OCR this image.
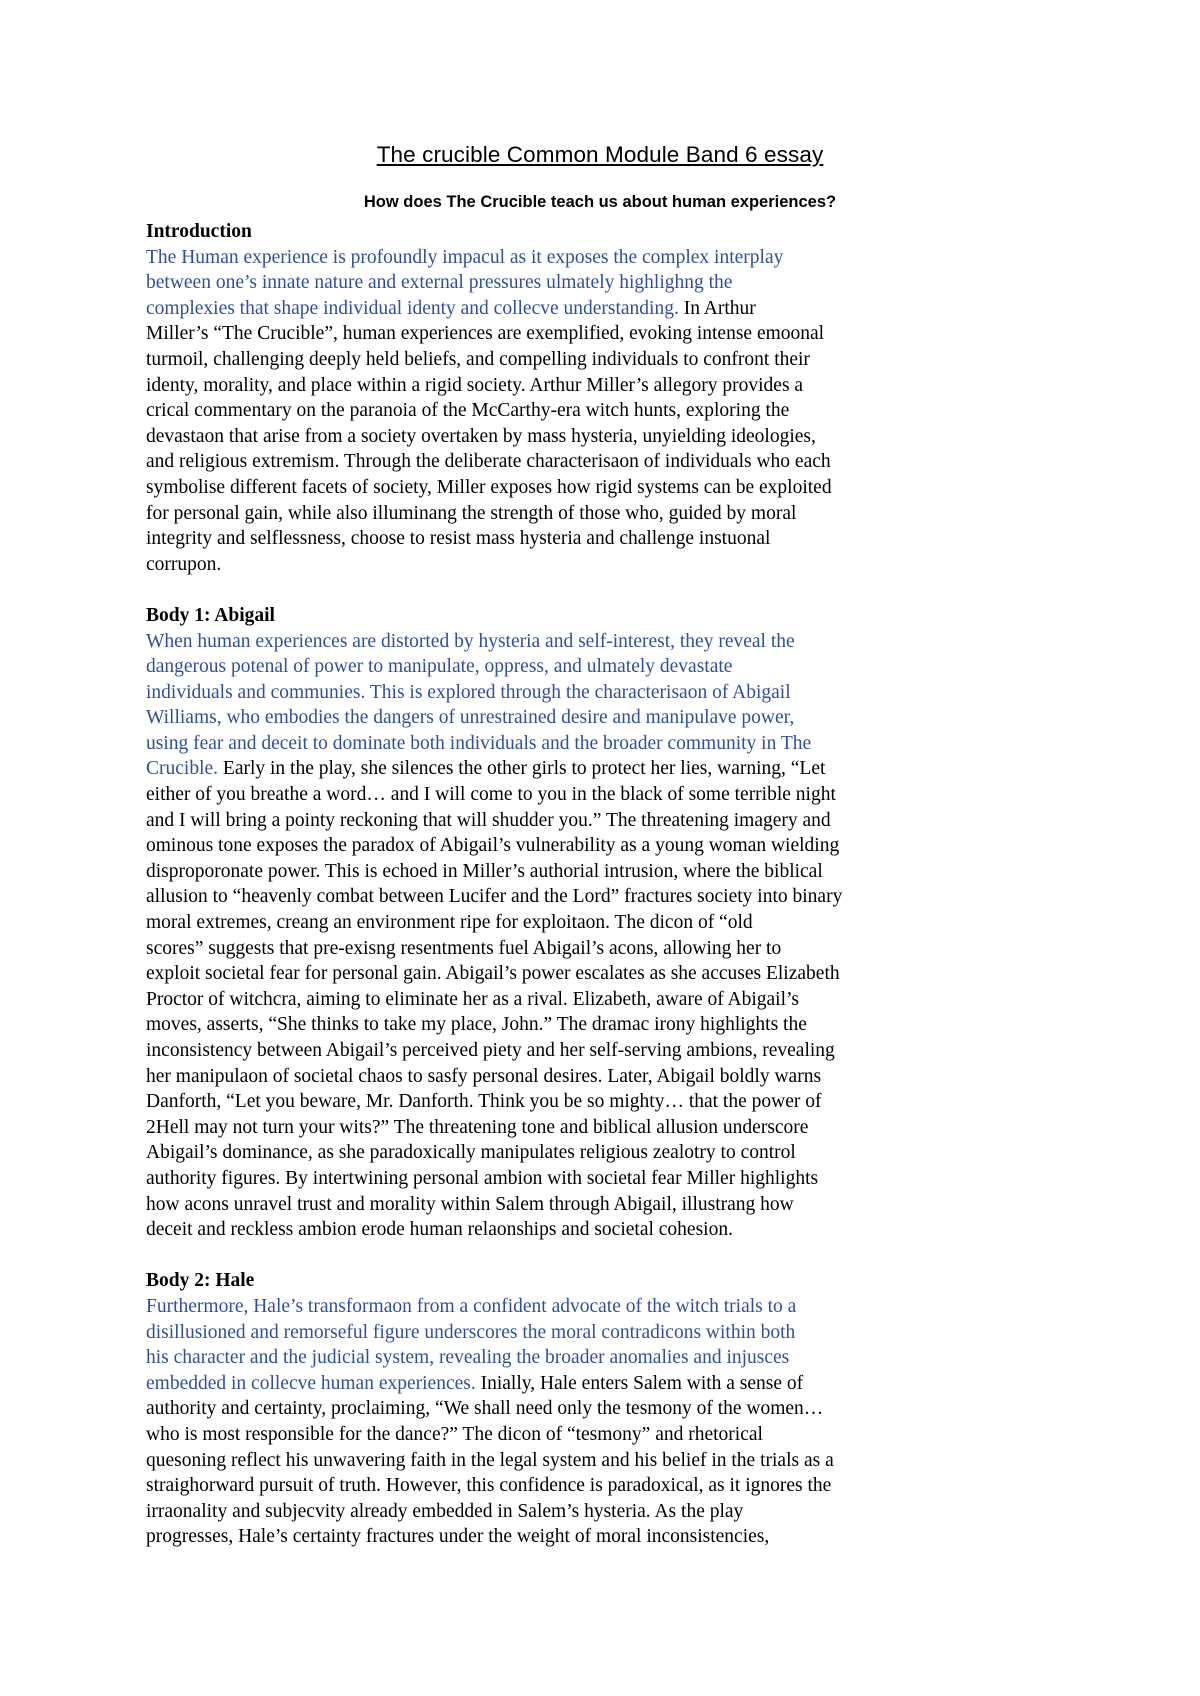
The crucible Common Module Band 6 essay
How does The Crucible teach us about human experiences?
Introduction
The Human experience is profoundly impacul as it exposes the complex interplay
between one’s innate nature and external pressures ulmately highlighng the
complexies that shape individual identy and collecve understanding. In Arthur
Miller’s “The Crucible”, human experiences are exemplified, evoking intense emoonal
turmoil, challenging deeply held beliefs, and compelling individuals to confront their
identy, morality, and place within a rigid society. Arthur Miller’s allegory provides a
crical commentary on the paranoia of the McCarthy-era witch hunts, exploring the
devastaon that arise from a society overtaken by mass hysteria, unyielding ideologies,
and religious extremism. Through the deliberate characterisaon of individuals who each
symbolise different facets of society, Miller exposes how rigid systems can be exploited
for personal gain, while also illuminang the strength of those who, guided by moral
integrity and selflessness, choose to resist mass hysteria and challenge instuonal
corrupon.
Body 1: Abigail
When human experiences are distorted by hysteria and self-interest, they reveal the
dangerous potenal of power to manipulate, oppress, and ulmately devastate
individuals and communies. This is explored through the characterisaon of Abigail
Williams, who embodies the dangers of unrestrained desire and manipulave power,
using fear and deceit to dominate both individuals and the broader community in The
Crucible. Early in the play, she silences the other girls to protect her lies, warning, “Let
either of you breathe a word… and I will come to you in the black of some terrible night
and I will bring a pointy reckoning that will shudder you.” The threatening imagery and
ominous tone exposes the paradox of Abigail’s vulnerability as a young woman wielding
disproporonate power. This is echoed in Miller’s authorial intrusion, where the biblical
allusion to “heavenly combat between Lucifer and the Lord” fractures society into binary
moral extremes, creang an environment ripe for exploitaon. The dicon of “old
scores” suggests that pre-exisng resentments fuel Abigail’s acons, allowing her to
exploit societal fear for personal gain. Abigail’s power escalates as she accuses Elizabeth
Proctor of witchcra, aiming to eliminate her as a rival. Elizabeth, aware of Abigail’s
moves, asserts, “She thinks to take my place, John.” The dramac irony highlights the
inconsistency between Abigail’s perceived piety and her self-serving ambions, revealing
her manipulaon of societal chaos to sasfy personal desires. Later, Abigail boldly warns
Danforth, “Let you beware, Mr. Danforth. Think you be so mighty… that the power of
2Hell may not turn your wits?” The threatening tone and biblical allusion underscore
Abigail’s dominance, as she paradoxically manipulates religious zealotry to control
authority figures. By intertwining personal ambion with societal fear Miller highlights
how acons unravel trust and morality within Salem through Abigail, illustrang how
deceit and reckless ambion erode human relaonships and societal cohesion.
Body 2: Hale
Furthermore, Hale’s transformaon from a confident advocate of the witch trials to a
disillusioned and remorseful figure underscores the moral contradicons within both
his character and the judicial system, revealing the broader anomalies and injusces
embedded in collecve human experiences. Inially, Hale enters Salem with a sense of
authority and certainty, proclaiming, “We shall need only the tesmony of the women…
who is most responsible for the dance?” The dicon of “tesmony” and rhetorical
quesoning reflect his unwavering faith in the legal system and his belief in the trials as a
straighorward pursuit of truth. However, this confidence is paradoxical, as it ignores the
irraonality and subjecvity already embedded in Salem’s hysteria. As the play
progresses, Hale’s certainty fractures under the weight of moral inconsistencies,
